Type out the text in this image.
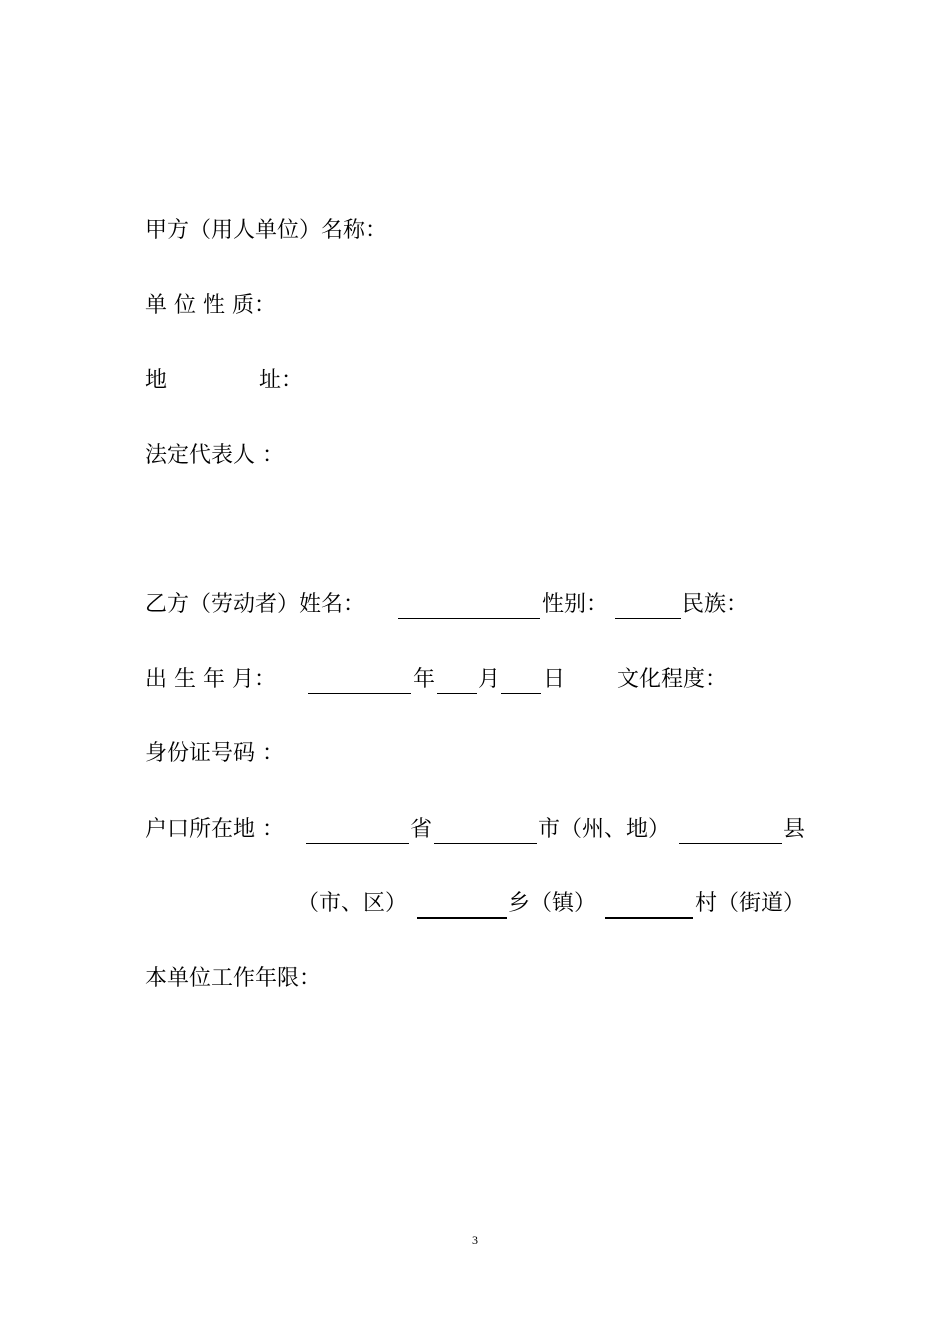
甲方（用人单位）名称：
单 位 性 质：
地	址：
法定代表人 ：
乙方（劳动者）姓名：	性别：	民族：
出 生 年 月：	年 月 日 文化程度：
身份证号码 ：
户口所在地 ：	省	市（州、地）	县
（市、区）	乡（镇）	村（街道）
本单位工作年限：
3
